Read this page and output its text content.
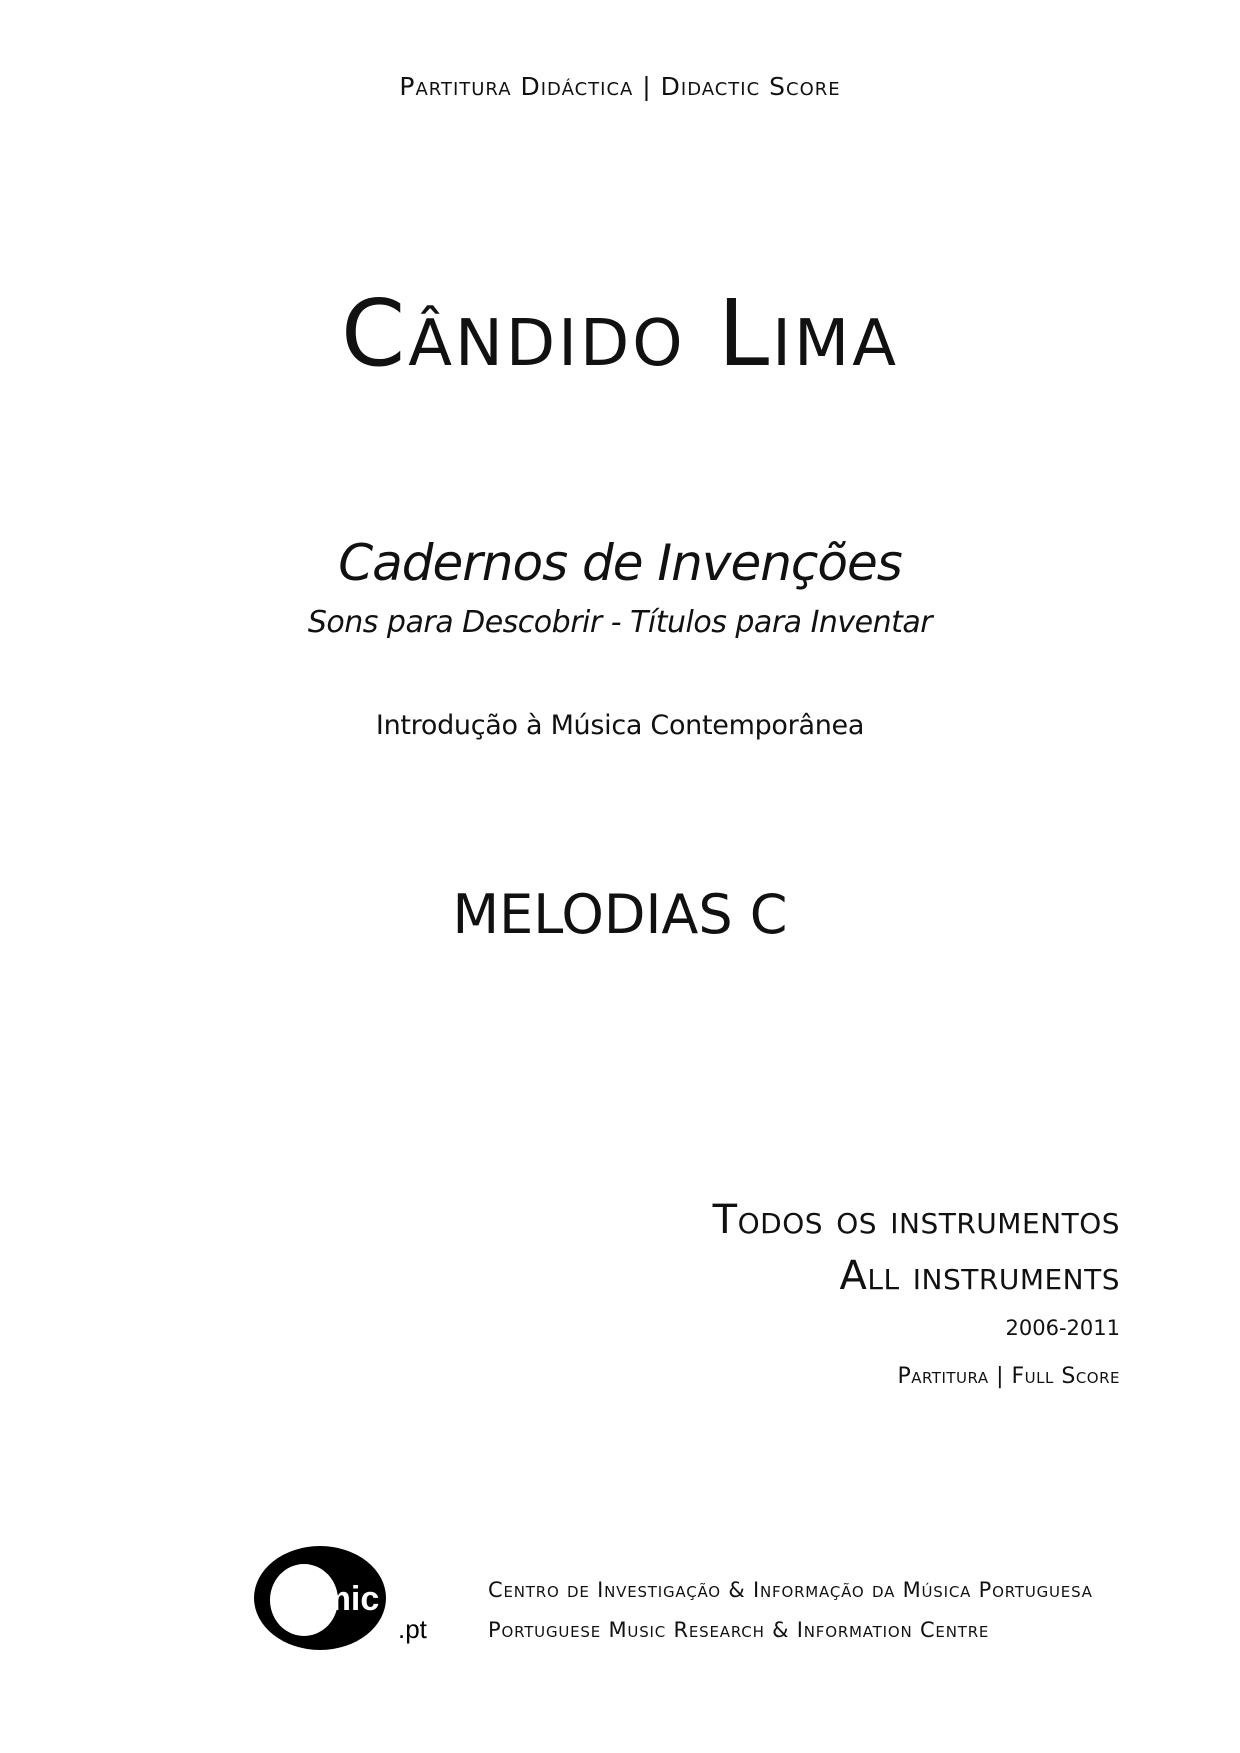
Partitura Didáctica | Didactic Score
Cândido Lima
Cadernos de Invenções
Sons para Descobrir - Títulos para Inventar
Introdução à Música Contemporânea
MELODIAS C
Todos os instrumentos
All instruments
2006-2011
Partitura | Full Score
mic
.pt
Centro de Investigação & Informação da Música Portuguesa
Portuguese Music Research & Information Centre
